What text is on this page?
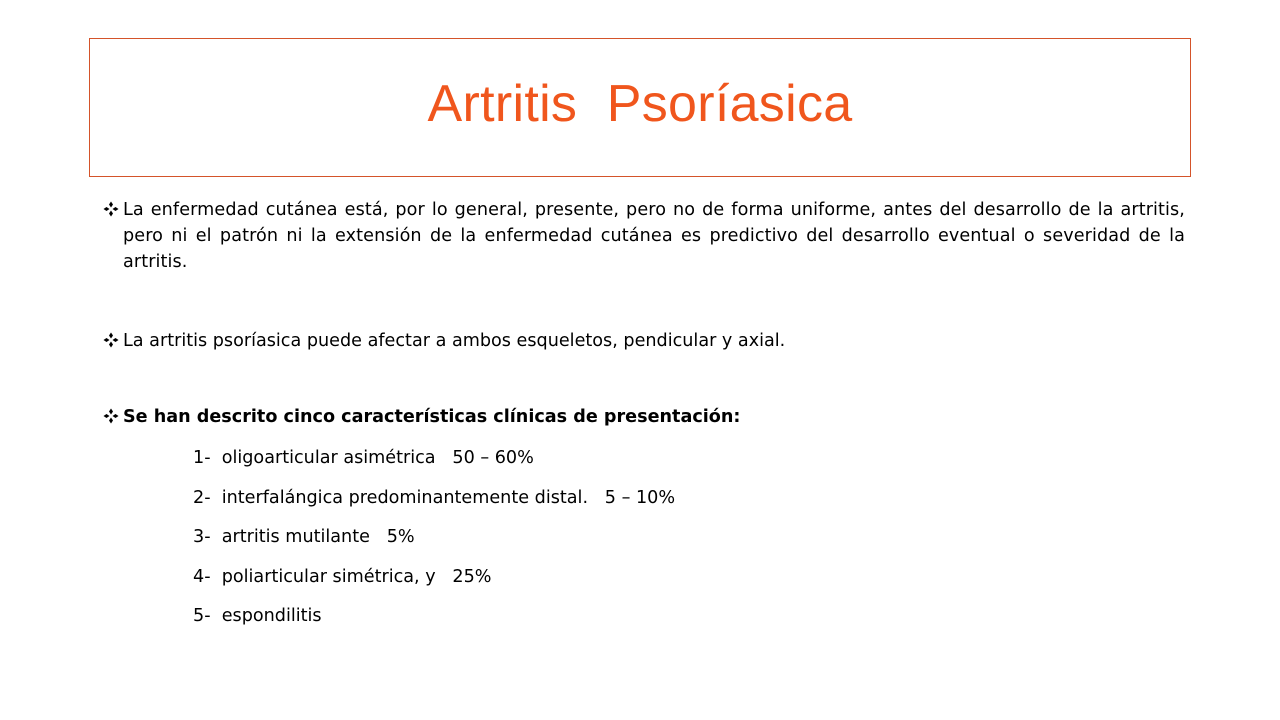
Artritis  Psoríasica
La enfermedad cutánea está, por lo general, presente, pero no de forma uniforme, antes del desarrollo de la artritis, pero ni el patrón ni la extensión de la enfermedad cutánea es predictivo del desarrollo eventual o severidad de la artritis.
La artritis psoríasica puede afectar a ambos esqueletos, pendicular y axial.
Se han descrito cinco características clínicas de presentación:
1-  oligoarticular asimétrica   50 – 60%
2-  interfalángica predominantemente distal.   5 – 10%
3-  artritis mutilante   5%
4-  poliarticular simétrica, y   25%
5-  espondilitis
